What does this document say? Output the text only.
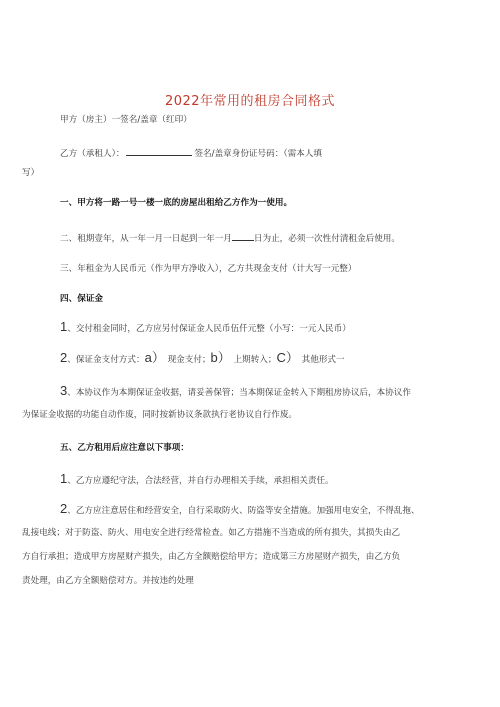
2022年常用的租房合同格式
甲方（房主）一签名/盖章（红印）
乙方（承租人）：	签名/盖章身份证号码：（需本人填
写）
一、甲方将一路一号一楼一底的房屋出租给乙方作为一使用。
二、租期壹年，从一年一月一日起到一年一月	日为止，必须一次性付清租金后使用。
三、年租金为人民币元（作为甲方净收入），乙方共现金支付（计大写一元整）
四、保证金
1、交付租金同时，乙方应另付保证金人民币伍仟元整（小写：一元人民币）
2、保证金支付方式：a） 现金支付；b） 上期转入；C） 其他形式一
3、本协议作为本期保证金收据，请妥善保管；当本期保证金转入下期租房协议后，本协议作
为保证金收据的功能自动作废，同时按新协议条款执行老协议自行作废。
五、乙方租用后应注意以下事项：
1、乙方应遵纪守法，合法经营，并自行办理相关手续，承担相关责任。
2、乙方应注意居住和经营安全，自行采取防火、防盗等安全措施。加强用电安全，不得乱拖、
乱接电线；对于防盗、防火、用电安全进行经常检查。如乙方措施不当造成的所有损失，其损失由乙
方自行承担；造成甲方房屋财产损失，由乙方全额赔偿给甲方；造成第三方房屋财产损失，由乙方负
责处理，由乙方全额赔偿对方。并按违约处理
